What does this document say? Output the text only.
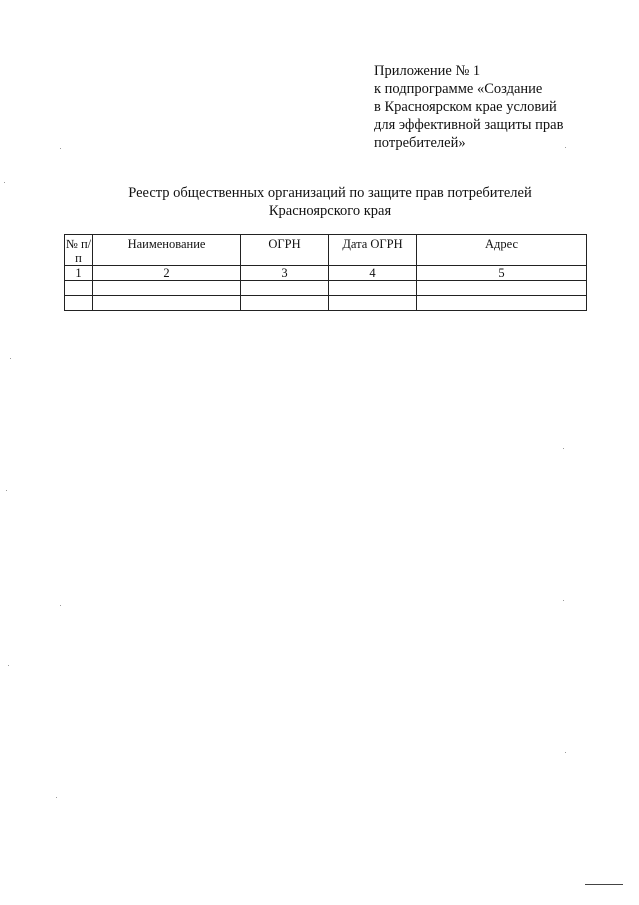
Приложение № 1
к подпрограмме «Создание
в Красноярском крае условий
для эффективной защиты прав
потребителей»
Реестр общественных организаций по защите прав потребителей
Красноярского края
№ п/п	Наименование	ОГРН	Дата ОГРН	Адрес
1	2	3	4	5
